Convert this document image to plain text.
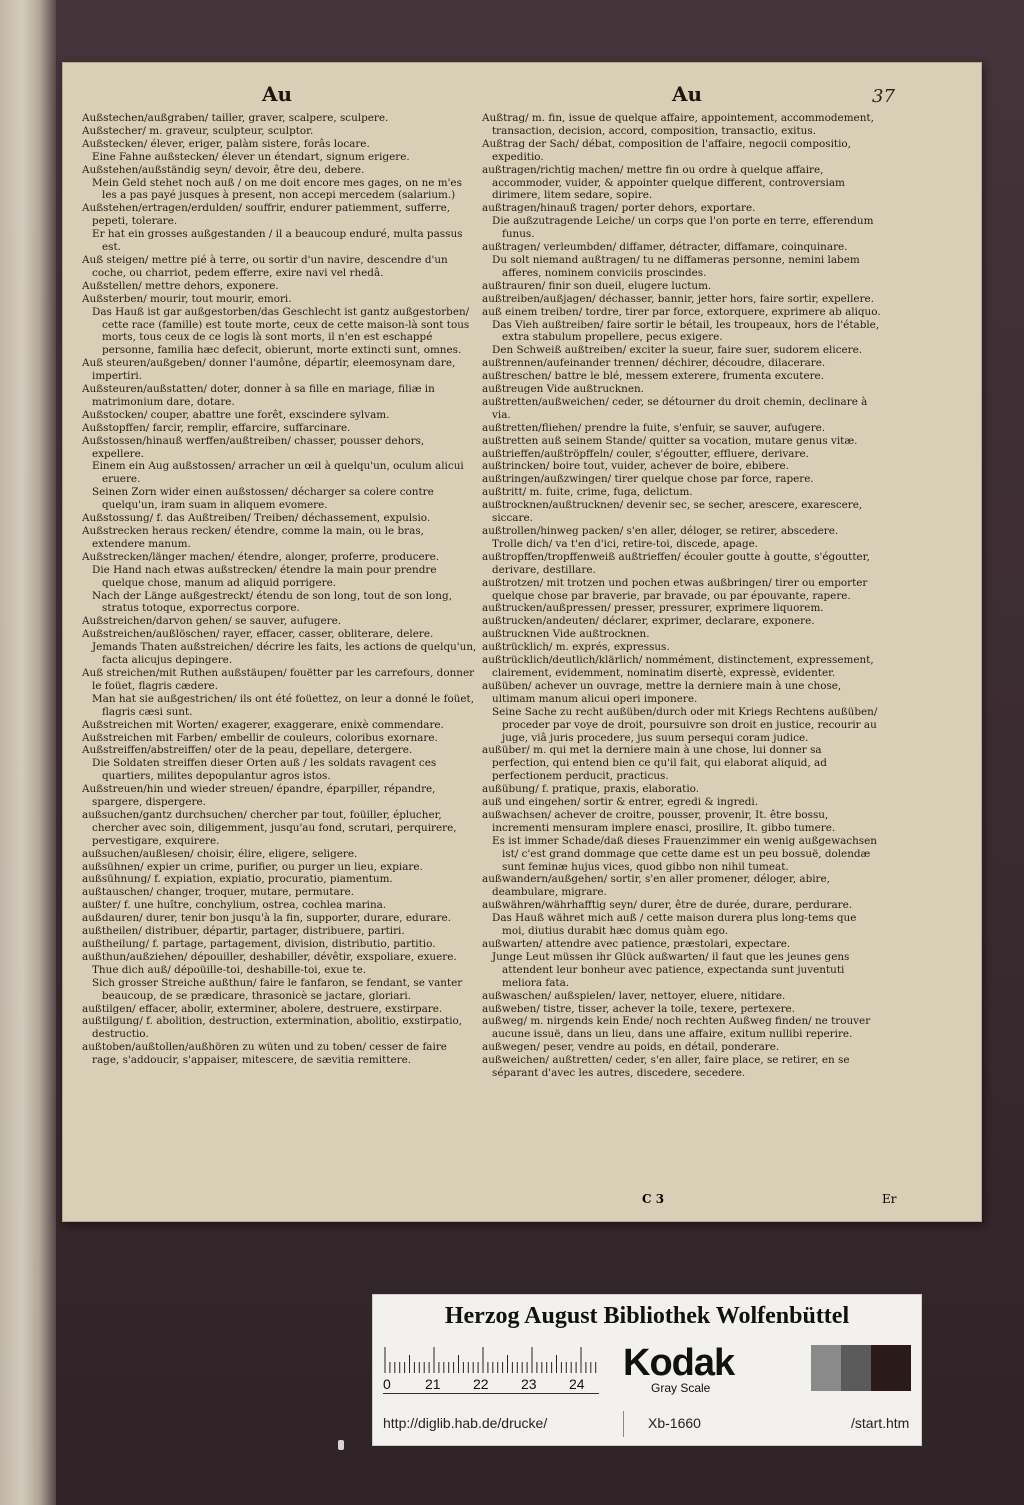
Au	Au	37
Außstechen/außgraben/ tailler, graver, scalpere, sculpere.
Außstecher/ m. graveur, sculpteur, sculptor.
Außstecken/ élever, eriger, palàm sistere, forâs locare.
Eine Fahne außstecken/ élever un étendart, signum erigere.
Außstehen/außständig seyn/ devoir, être deu, debere.
Mein Geld stehet noch auß / on me doit encore mes gages, on ne m'es les a pas payé jusques à present, non accepi mercedem (salarium.)
Außstehen/ertragen/erdulden/ souffrir, endurer patiemment, sufferre, pepeti, tolerare.
Er hat ein grosses außgestanden / il a beaucoup enduré, multa passus est.
Auß steigen/ mettre pié à terre, ou sortir d'un navire, descendre d'un coche, ou charriot, pedem efferre, exire navi vel rhedâ.
Außstellen/ mettre dehors, exponere.
Außsterben/ mourir, tout mourir, emori.
Das Hauß ist gar außgestorben/das Geschlecht ist gantz außgestorben/ cette race (famille) est toute morte, ceux de cette maison-là sont tous morts, tous ceux de ce logis là sont morts, il n'en est eschappé personne, familia hæc defecit, obierunt, morte extincti sunt, omnes.
Auß steuren/außgeben/ donner l'aumône, départir, eleemosynam dare, impertiri.
Außsteuren/außstatten/ doter, donner à sa fille en mariage, filiæ in matrimonium dare, dotare.
Außstocken/ couper, abattre une forêt, exscindere sylvam.
Außstopffen/ farcir, remplir, effarcire, suffarcinare.
Außstossen/hinauß werffen/außtreiben/ chasser, pousser dehors, expellere.
Einem ein Aug außstossen/ arracher un œil à quelqu'un, oculum alicui eruere.
Seinen Zorn wider einen außstossen/ décharger sa colere contre quelqu'un, iram suam in aliquem evomere.
Außstossung/ f. das Außtreiben/ Treiben/ déchassement, expulsio.
Außstrecken heraus recken/ étendre, comme la main, ou le bras, extendere manum.
Außstrecken/länger machen/ étendre, alonger, proferre, producere.
Die Hand nach etwas außstrecken/ étendre la main pour prendre quelque chose, manum ad aliquid porrigere.
Nach der Länge außgestreckt/ étendu de son long, tout de son long, stratus totoque, exporrectus corpore.
Außstreichen/darvon gehen/ se sauver, aufugere.
Außstreichen/außlöschen/ rayer, effacer, casser, obliterare, delere.
Jemands Thaten außstreichen/ décrire les faits, les actions de quelqu'un, facta alicujus depingere.
Auß streichen/mit Ruthen außstäupen/ fouëtter par les carrefours, donner le foüet, flagris cædere.
Man hat sie außgestrichen/ ils ont été foüettez, on leur a donné le foüet, flagris cæsi sunt.
Außstreichen mit Worten/ exagerer, exaggerare, enixè commendare.
Außstreichen mit Farben/ embellir de couleurs, coloribus exornare.
Außstreiffen/abstreiffen/ oter de la peau, depellare, detergere.
Die Soldaten streiffen dieser Orten auß / les soldats ravagent ces quartiers, milites depopulantur agros istos.
Außstreuen/hin und wieder streuen/ épandre, éparpiller, répandre, spargere, dispergere.
außsuchen/gantz durchsuchen/ chercher par tout, foüiller, éplucher, chercher avec soin, diligemment, jusqu'au fond, scrutari, perquirere, pervestigare, exquirere.
außsuchen/außlesen/ choisir, élire, eligere, seligere.
außsühnen/ expier un crime, purifier, ou purger un lieu, expiare.
außsühnung/ f. expiation, expiatio, procuratio, piamentum.
außtauschen/ changer, troquer, mutare, permutare.
außter/ f. une huître, conchylium, ostrea, cochlea marina.
außdauren/ durer, tenir bon jusqu'à la fin, supporter, durare, edurare.
außtheilen/ distribuer, départir, partager, distribuere, partiri.
außtheilung/ f. partage, partagement, division, distributio, partitio.
außthun/außziehen/ dépouiller, deshabiller, dévêtir, exspoliare, exuere.
Thue dich auß/ dépoüille-toi, deshabille-toi, exue te.
Sich grosser Streiche außthun/ faire le fanfaron, se fendant, se vanter beaucoup, de se prædicare, thrasonicè se jactare, gloriari.
außtilgen/ effacer, abolir, exterminer, abolere, destruere, exstirpare.
außtilgung/ f. abolition, destruction, extermination, abolitio, exstirpatio, destructio.
außtoben/außtollen/außhören zu wüten und zu toben/ cesser de faire rage, s'addoucir, s'appaiser, mitescere, de sævitia remittere.
Außtrag/ m. fin, issue de quelque affaire, appointement, accommodement, transaction, decision, accord, composition, transactio, exitus.
Außtrag der Sach/ débat, composition de l'affaire, negocii compositio, expeditio.
außtragen/richtig machen/ mettre fin ou ordre à quelque affaire, accommoder, vuider, & appointer quelque different, controversiam dirimere, litem sedare, sopire.
außtragen/hinauß tragen/ porter dehors, exportare.
Die außzutragende Leiche/ un corps que l'on porte en terre, efferendum funus.
außtragen/ verleumbden/ diffamer, détracter, diffamare, coinquinare.
Du solt niemand außtragen/ tu ne diffameras personne, nemini labem afferes, nominem conviciis proscindes.
außtrauren/ finir son dueil, elugere luctum.
außtreiben/außjagen/ déchasser, bannir, jetter hors, faire sortir, expellere.
auß einem treiben/ tordre, tirer par force, extorquere, exprimere ab aliquo.
Das Vieh außtreiben/ faire sortir le bétail, les troupeaux, hors de l'étable, extra stabulum propellere, pecus exigere.
Den Schweiß außtreiben/ exciter la sueur, faire suer, sudorem elicere.
außtrennen/aufeinander trennen/ déchirer, découdre, dilacerare.
außtreschen/ battre le blé, messem exterere, frumenta excutere.
außtreugen Vide außtrucknen.
außtretten/außweichen/ ceder, se détourner du droit chemin, declinare à via.
außtretten/fliehen/ prendre la fuite, s'enfuir, se sauver, aufugere.
außtretten auß seinem Stande/ quitter sa vocation, mutare genus vitæ.
außtrieffen/außtröpffeln/ couler, s'égoutter, effluere, derivare.
außtrincken/ boire tout, vuider, achever de boire, ebibere.
außtringen/außzwingen/ tirer quelque chose par force, rapere.
außtritt/ m. fuite, crime, fuga, delictum.
außtrocknen/außtrucknen/ devenir sec, se secher, arescere, exarescere, siccare.
außtrollen/hinweg packen/ s'en aller, déloger, se retirer, abscedere.
Trolle dich/ va t'en d'ici, retire-toi, discede, apage.
außtropffen/tropffenweiß außtrieffen/ écouler goutte à goutte, s'égoutter, derivare, destillare.
außtrotzen/ mit trotzen und pochen etwas außbringen/ tirer ou emporter quelque chose par braverie, par bravade, ou par épouvante, rapere.
außtrucken/außpressen/ presser, pressurer, exprimere liquorem.
außtrucken/andeuten/ déclarer, exprimer, declarare, exponere.
außtrucknen Vide außtrocknen.
außtrücklich/ m. exprés, expressus.
außtrücklich/deutlich/klärlich/ nommément, distinctement, expressement, clairement, evidemment, nominatim disertè, expressè, evidenter.
außüben/ achever un ouvrage, mettre la derniere main à une chose, ultimam manum alicui operi imponere.
Seine Sache zu recht außüben/durch oder mit Kriegs Rechtens außüben/ proceder par voye de droit, poursuivre son droit en justice, recourir au juge, viâ juris procedere, jus suum persequi coram judice.
außüber/ m. qui met la derniere main à une chose, lui donner sa perfection, qui entend bien ce qu'il fait, qui elaborat aliquid, ad perfectionem perducit, practicus.
außübung/ f. pratique, praxis, elaboratio.
auß und eingehen/ sortir & entrer, egredi & ingredi.
außwachsen/ achever de croitre, pousser, provenir, It. être bossu, incrementi mensuram implere enasci, prosilire, It. gibbo tumere.
Es ist immer Schade/daß dieses Frauenzimmer ein wenig außgewachsen ist/ c'est grand dommage que cette dame est un peu bossuë, dolendæ sunt feminæ hujus vices, quod gibbo non nihil tumeat.
außwandern/außgehen/ sortir, s'en aller promener, déloger, abire, deambulare, migrare.
außwähren/währhafftig seyn/ durer, être de durée, durare, perdurare.
Das Hauß währet mich auß / cette maison durera plus long-tems que moi, diutius durabit hæc domus quàm ego.
außwarten/ attendre avec patience, præstolari, expectare.
Junge Leut müssen ihr Glück außwarten/ il faut que les jeunes gens attendent leur bonheur avec patience, expectanda sunt juventuti meliora fata.
außwaschen/ außspielen/ laver, nettoyer, eluere, nitidare.
außweben/ tistre, tisser, achever la toile, texere, pertexere.
außweg/ m. nirgends kein Ende/ noch rechten Außweg finden/ ne trouver aucune issuë, dans un lieu, dans une affaire, exitum nullibi reperire.
außwegen/ peser, vendre au poids, en détail, ponderare.
außweichen/ außtretten/ ceder, s'en aller, faire place, se retirer, en se séparant d'avec les autres, discedere, secedere.
C 3	Er
Herzog August Bibliothek Wolfenbüttel
0 21 22 23 24 Kodak
Gray Scale
http://diglib.hab.de/drucke/	Xb-1660	/start.htm
